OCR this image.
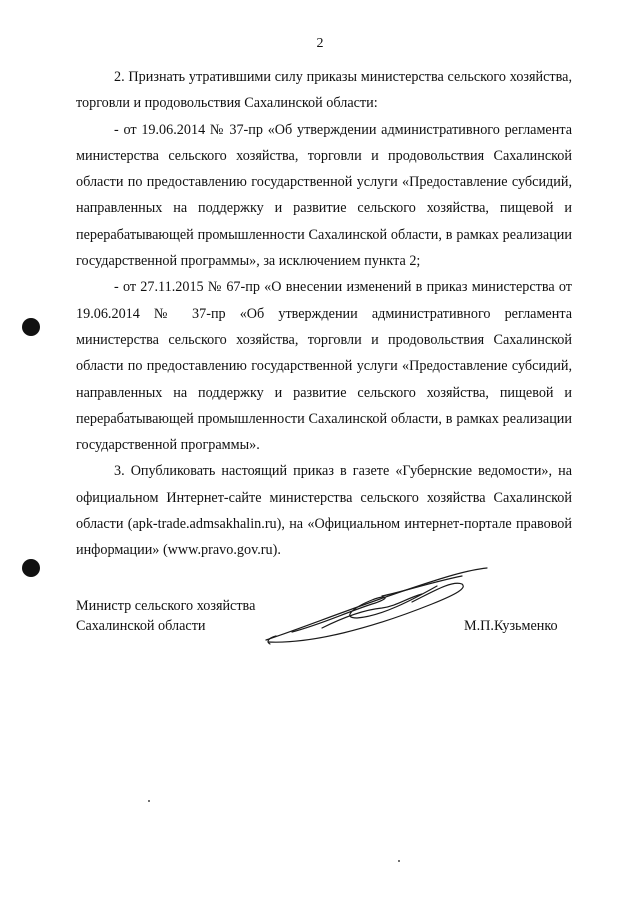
2

2. Признать утратившими силу приказы министерства сельского хозяйства, торговли и продовольствия Сахалинской области:

- от 19.06.2014 № 37-пр «Об утверждении административного регламента министерства сельского хозяйства, торговли и продовольствия Сахалинской области по предоставлению государственной услуги «Предоставление субсидий, направленных на поддержку и развитие сельского хозяйства, пищевой и перерабатывающей промышленности Сахалинской области, в рамках реализации государственной программы», за исключением пункта 2;

- от 27.11.2015 № 67-пр «О внесении изменений в приказ министерства от 19.06.2014 № 37-пр «Об утверждении административного регламента министерства сельского хозяйства, торговли и продовольствия Сахалинской области по предоставлению государственной услуги «Предоставление субсидий, направленных на поддержку и развитие сельского хозяйства, пищевой и перерабатывающей промышленности Сахалинской области, в рамках реализации государственной программы».

3. Опубликовать настоящий приказ в газете «Губернские ведомости», на официальном Интернет-сайте министерства сельского хозяйства Сахалинской области (apk-trade.admsakhalin.ru), на «Официальном интернет-портале правовой информации» (www.pravo.gov.ru).

Министр сельского хозяйства
Сахалинской области	М.П.Кузьменко
